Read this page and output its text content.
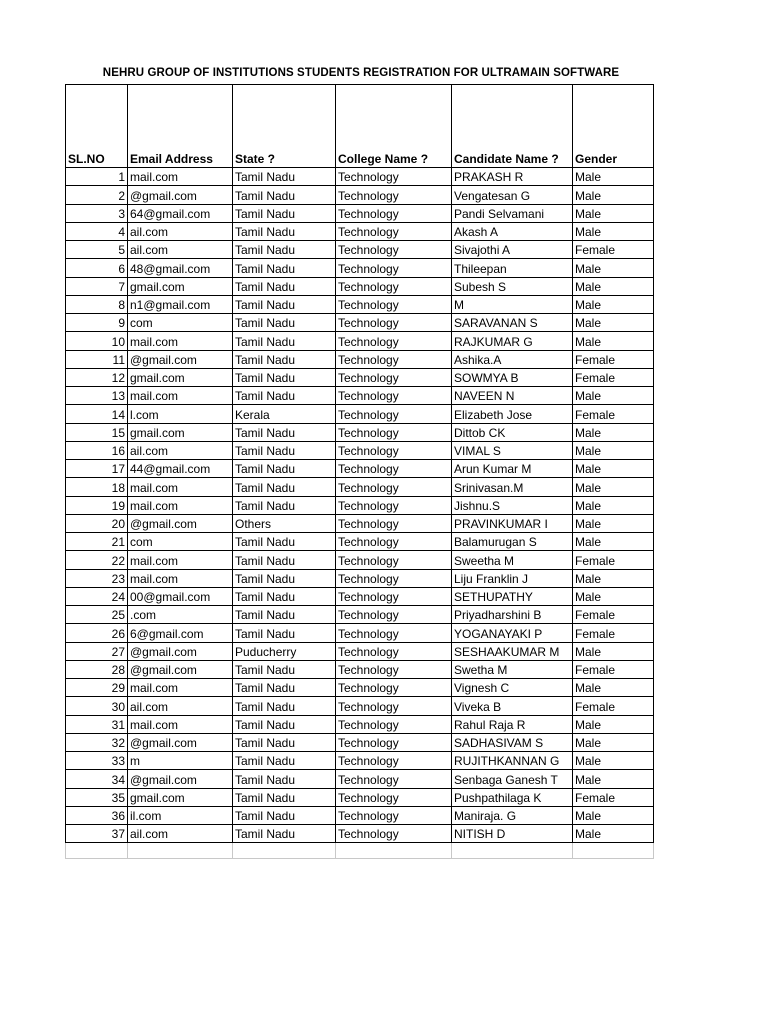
NEHRU GROUP OF INSTITUTIONS STUDENTS REGISTRATION FOR ULTRAMAIN SOFTWARE
SL.NO	Email Address	State ?	College Name ?	Candidate Name ?	Gender
1	mail.com	Tamil Nadu	Technology	PRAKASH R	Male
2	@gmail.com	Tamil Nadu	Technology	Vengatesan G	Male
3	64@gmail.com	Tamil Nadu	Technology	Pandi Selvamani	Male
4	ail.com	Tamil Nadu	Technology	Akash A	Male
5	ail.com	Tamil Nadu	Technology	Sivajothi A	Female
6	48@gmail.com	Tamil Nadu	Technology	Thileepan	Male
7	gmail.com	Tamil Nadu	Technology	Subesh S	Male
8	n1@gmail.com	Tamil Nadu	Technology	M	Male
9	com	Tamil Nadu	Technology	SARAVANAN S	Male
10	mail.com	Tamil Nadu	Technology	RAJKUMAR G	Male
11	@gmail.com	Tamil Nadu	Technology	Ashika.A	Female
12	gmail.com	Tamil Nadu	Technology	SOWMYA B	Female
13	mail.com	Tamil Nadu	Technology	NAVEEN N	Male
14	l.com	Kerala	Technology	Elizabeth Jose	Female
15	gmail.com	Tamil Nadu	Technology	Dittob CK	Male
16	ail.com	Tamil Nadu	Technology	VIMAL S	Male
17	44@gmail.com	Tamil Nadu	Technology	Arun Kumar M	Male
18	mail.com	Tamil Nadu	Technology	Srinivasan.M	Male
19	mail.com	Tamil Nadu	Technology	Jishnu.S	Male
20	@gmail.com	Others	Technology	PRAVINKUMAR I	Male
21	com	Tamil Nadu	Technology	Balamurugan S	Male
22	mail.com	Tamil Nadu	Technology	Sweetha M	Female
23	mail.com	Tamil Nadu	Technology	Liju Franklin J	Male
24	00@gmail.com	Tamil Nadu	Technology	SETHUPATHY	Male
25	.com	Tamil Nadu	Technology	Priyadharshini B	Female
26	6@gmail.com	Tamil Nadu	Technology	YOGANAYAKI P	Female
27	@gmail.com	Puducherry	Technology	SESHAAKUMAR M	Male
28	@gmail.com	Tamil Nadu	Technology	Swetha M	Female
29	mail.com	Tamil Nadu	Technology	Vignesh C	Male
30	ail.com	Tamil Nadu	Technology	Viveka B	Female
31	mail.com	Tamil Nadu	Technology	Rahul Raja R	Male
32	@gmail.com	Tamil Nadu	Technology	SADHASIVAM S	Male
33	m	Tamil Nadu	Technology	RUJITHKANNAN G	Male
34	@gmail.com	Tamil Nadu	Technology	Senbaga Ganesh T	Male
35	gmail.com	Tamil Nadu	Technology	Pushpathilaga K	Female
36	il.com	Tamil Nadu	Technology	Maniraja. G	Male
37	ail.com	Tamil Nadu	Technology	NITISH D	Male
